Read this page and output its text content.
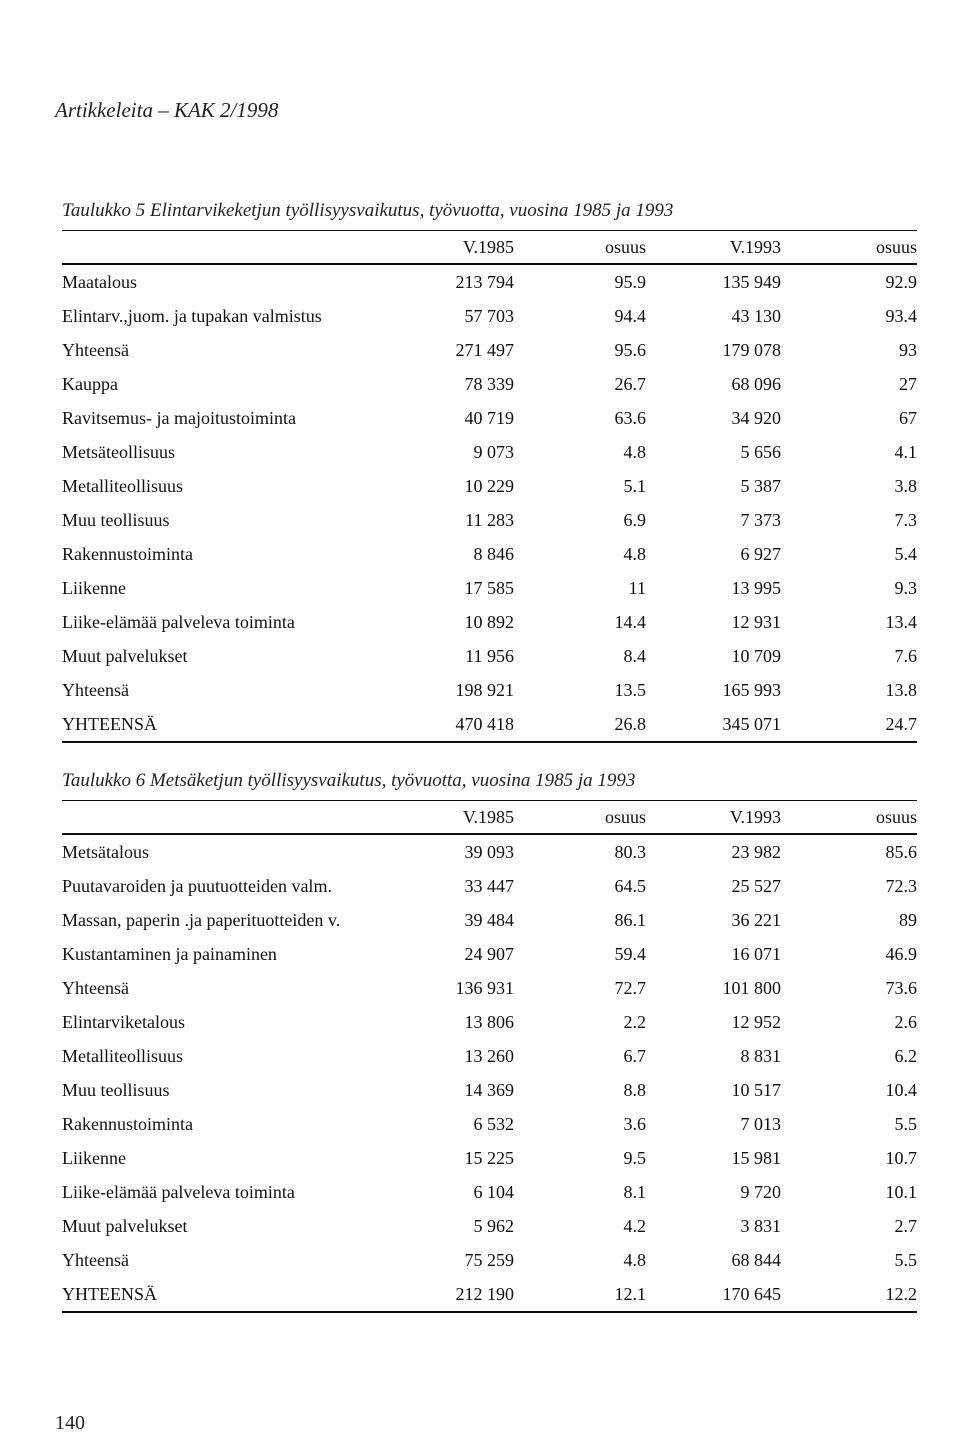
Artikkeleita – KAK 2/1998
Taulukko 5 Elintarvikeketjun työllisyysvaikutus, työvuotta, vuosina 1985 ja 1993
	V.1985	osuus	V.1993	osuus
Maatalous	213 794	95.9	135 949	92.9
Elintarv.,juom. ja tupakan valmistus	57 703	94.4	43 130	93.4
Yhteensä	271 497	95.6	179 078	93
Kauppa	78 339	26.7	68 096	27
Ravitsemus- ja majoitustoiminta	40 719	63.6	34 920	67
Metsäteollisuus	9 073	4.8	5 656	4.1
Metalliteollisuus	10 229	5.1	5 387	3.8
Muu teollisuus	11 283	6.9	7 373	7.3
Rakennustoiminta	8 846	4.8	6 927	5.4
Liikenne	17 585	11	13 995	9.3
Liike-elämää palveleva toiminta	10 892	14.4	12 931	13.4
Muut palvelukset	11 956	8.4	10 709	7.6
Yhteensä	198 921	13.5	165 993	13.8
YHTEENSÄ	470 418	26.8	345 071	24.7
Taulukko 6 Metsäketjun työllisyysvaikutus, työvuotta, vuosina 1985 ja 1993
	V.1985	osuus	V.1993	osuus
Metsätalous	39 093	80.3	23 982	85.6
Puutavaroiden ja puutuotteiden valm.	33 447	64.5	25 527	72.3
Massan, paperin .ja paperituotteiden v.	39 484	86.1	36 221	89
Kustantaminen ja painaminen	24 907	59.4	16 071	46.9
Yhteensä	136 931	72.7	101 800	73.6
Elintarviketalous	13 806	2.2	12 952	2.6
Metalliteollisuus	13 260	6.7	8 831	6.2
Muu teollisuus	14 369	8.8	10 517	10.4
Rakennustoiminta	6 532	3.6	7 013	5.5
Liikenne	15 225	9.5	15 981	10.7
Liike-elämää palveleva toiminta	6 104	8.1	9 720	10.1
Muut palvelukset	5 962	4.2	3 831	2.7
Yhteensä	75 259	4.8	68 844	5.5
YHTEENSÄ	212 190	12.1	170 645	12.2
140
